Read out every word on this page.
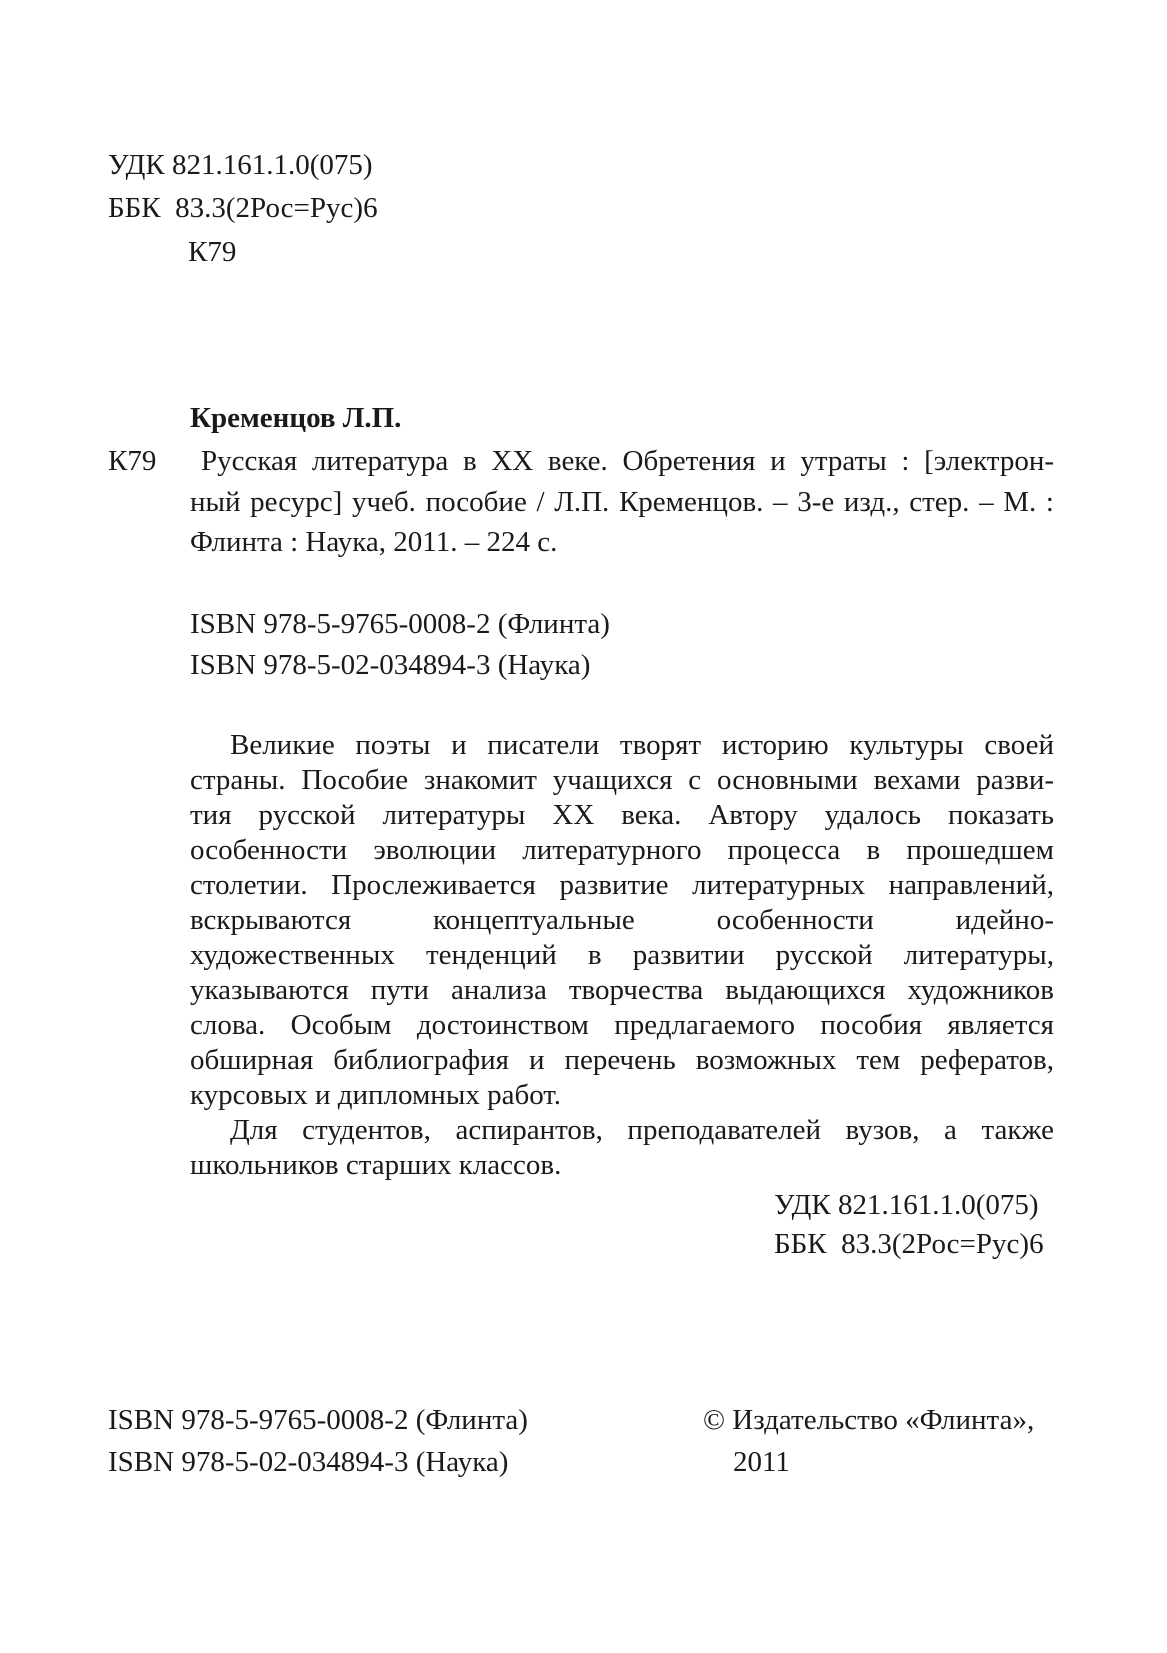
УДК 821.161.1.0(075)
ББК  83.3(2Рос=Рус)6
К79
Кременцов Л.П.
К79 Русская литература в ХХ веке. Обретения и утраты : [электрон-
ный ресурс] учеб. пособие / Л.П. Кременцов. – 3-е изд., стер. – М. :
Флинта : Наука, 2011. – 224 с.
ISBN 978-5-9765-0008-2 (Флинта)
ISBN 978-5-02-034894-3 (Наука)
Великие поэты и писатели творят историю культуры своей
страны. Пособие знакомит учащихся с основными вехами разви-
тия русской литературы ХХ века. Автору удалось показать
особенности эволюции литературного процесса в прошедшем
столетии. Прослеживается развитие литературных направлений,
вскрываются концептуальные особенности идейно-
художественных тенденций в развитии русской литературы,
указываются пути анализа творчества выдающихся художников
слова. Особым достоинством предлагаемого пособия является
обширная библиография и перечень возможных тем рефератов,
курсовых и дипломных работ.
Для студентов, аспирантов, преподавателей вузов, а также
школьников старших классов.
УДК 821.161.1.0(075)
ББК  83.3(2Рос=Рус)6
ISBN 978-5-9765-0008-2 (Флинта)
ISBN 978-5-02-034894-3 (Наука)
© Издательство «Флинта»,
2011
